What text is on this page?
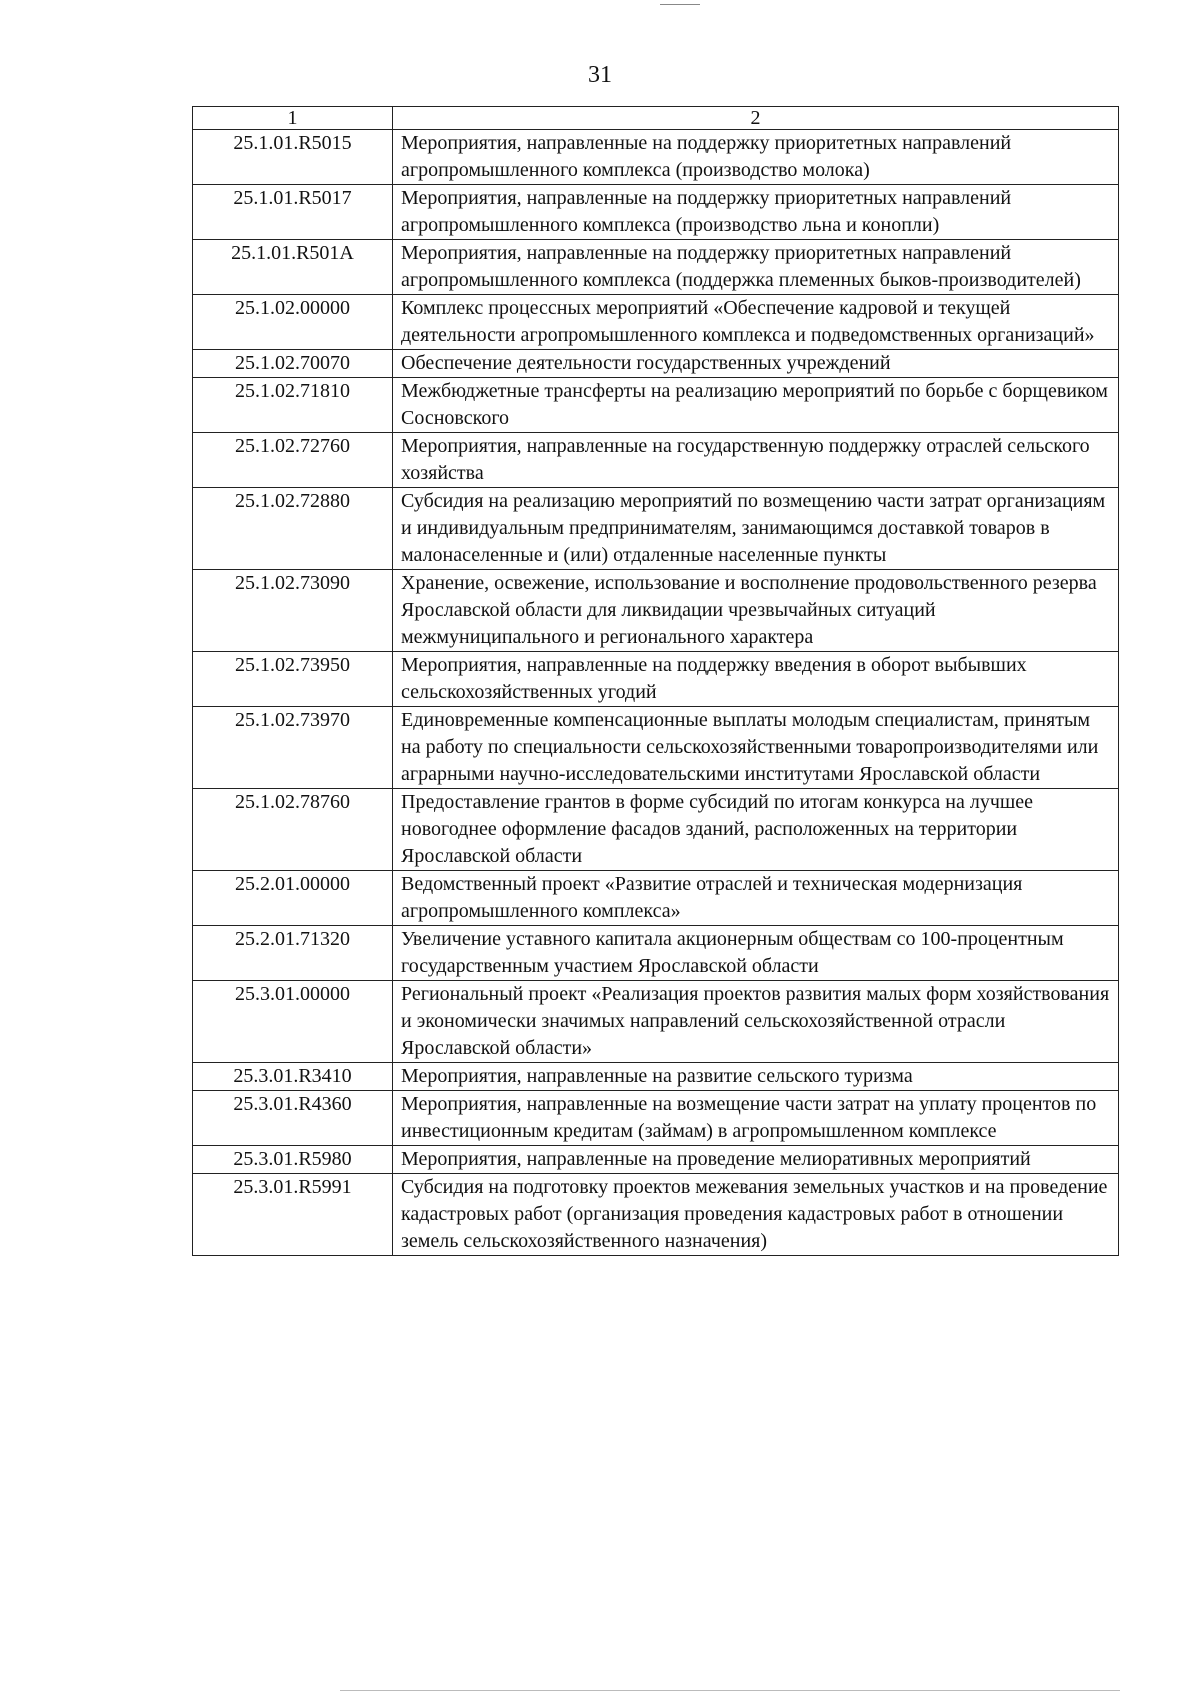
31
1	2
25.1.01.R5015	Мероприятия, направленные на поддержку приоритетных направлений агропромышленного комплекса (производство молока)
25.1.01.R5017	Мероприятия, направленные на поддержку приоритетных направлений агропромышленного комплекса (производство льна и конопли)
25.1.01.R501A	Мероприятия, направленные на поддержку приоритетных направлений агропромышленного комплекса (поддержка племенных быков-производителей)
25.1.02.00000	Комплекс процессных мероприятий «Обеспечение кадровой и текущей деятельности агропромышленного комплекса и подведомственных организаций»
25.1.02.70070	Обеспечение деятельности государственных учреждений
25.1.02.71810	Межбюджетные трансферты на реализацию мероприятий по борьбе с борщевиком Сосновского
25.1.02.72760	Мероприятия, направленные на государственную поддержку отраслей сельского хозяйства
25.1.02.72880	Субсидия на реализацию мероприятий по возмещению части затрат организациям и индивидуальным предпринимателям, занимающимся доставкой товаров в малонаселенные и (или) отдаленные населенные пункты
25.1.02.73090	Хранение, освежение, использование и восполнение продовольственного резерва Ярославской области для ликвидации чрезвычайных ситуаций межмуниципального и регионального характера
25.1.02.73950	Мероприятия, направленные на поддержку введения в оборот выбывших сельскохозяйственных угодий
25.1.02.73970	Единовременные компенсационные выплаты молодым специалистам, принятым на работу по специальности сельскохозяйственными товаропроизводителями или аграрными научно-исследовательскими институтами Ярославской области
25.1.02.78760	Предоставление грантов в форме субсидий по итогам конкурса на лучшее новогоднее оформление фасадов зданий, расположенных на территории Ярославской области
25.2.01.00000	Ведомственный проект «Развитие отраслей и техническая модернизация агропромышленного комплекса»
25.2.01.71320	Увеличение уставного капитала акционерным обществам со 100-процентным государственным участием Ярославской области
25.3.01.00000	Региональный проект «Реализация проектов развития малых форм хозяйствования и экономически значимых направлений сельскохозяйственной отрасли Ярославской области»
25.3.01.R3410	Мероприятия, направленные на развитие сельского туризма
25.3.01.R4360	Мероприятия, направленные на возмещение части затрат на уплату процентов по инвестиционным кредитам (займам) в агропромышленном комплексе
25.3.01.R5980	Мероприятия, направленные на проведение мелиоративных мероприятий
25.3.01.R5991	Субсидия на подготовку проектов межевания земельных участков и на проведение кадастровых работ (организация проведения кадастровых работ в отношении земель сельскохозяйственного назначения)
